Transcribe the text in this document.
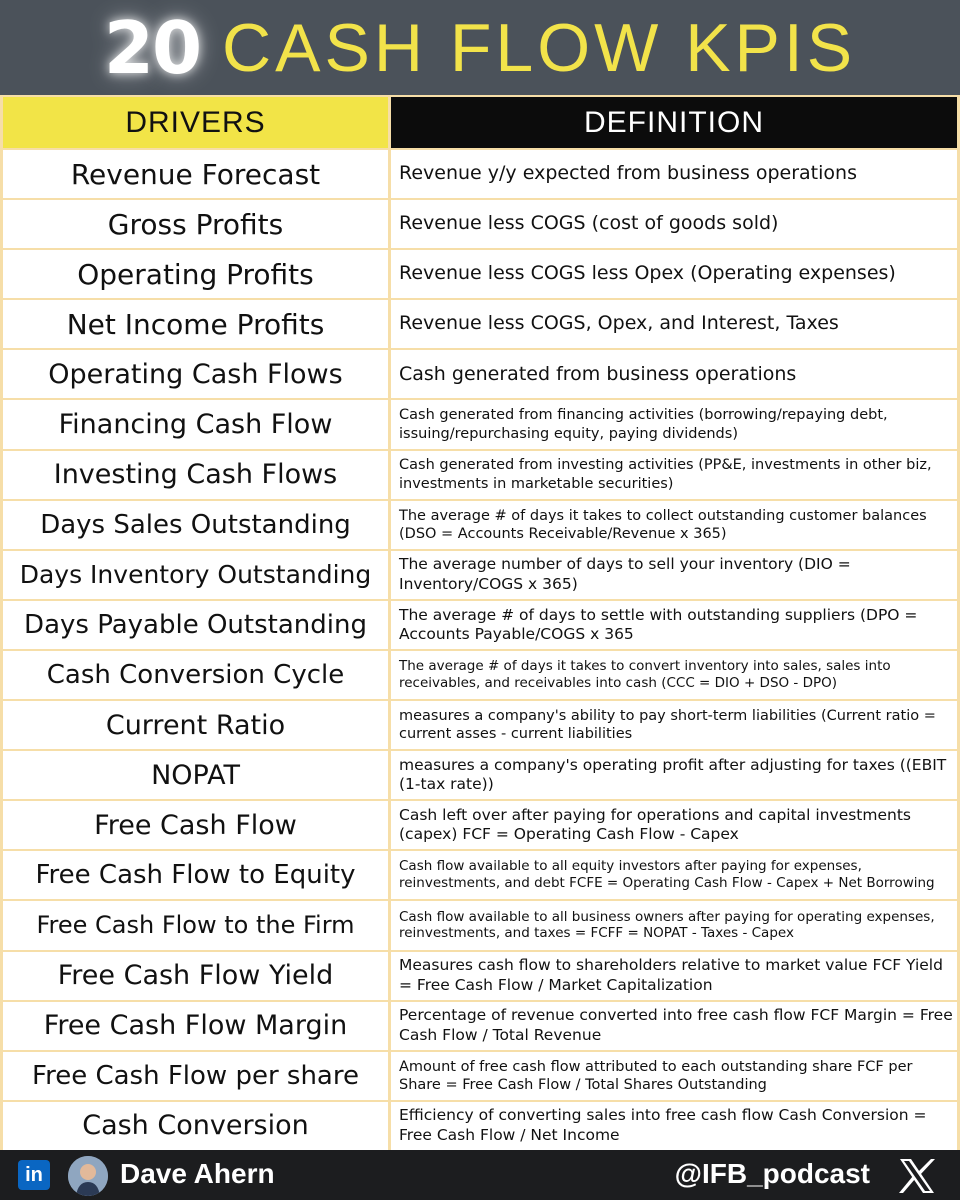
20 CASH FLOW KPIS
DRIVERS	DEFINITION
Revenue Forecast	Revenue y/y expected from business operations
Gross Profits	Revenue less COGS (cost of goods sold)
Operating Profits	Revenue less COGS less Opex (Operating expenses)
Net Income Profits	Revenue less COGS, Opex, and Interest, Taxes
Operating Cash Flows	Cash generated from business operations
Financing Cash Flow	Cash generated from financing activities (borrowing/repaying debt, issuing/repurchasing equity, paying dividends)
Investing Cash Flows	Cash generated from investing activities (PP&E, investments in other biz, investments in marketable securities)
Days Sales Outstanding	The average # of days it takes to collect outstanding customer balances (DSO = Accounts Receivable/Revenue x 365)
Days Inventory Outstanding	The average number of days to sell your inventory (DIO = Inventory/COGS x 365)
Days Payable Outstanding	The average # of days to settle with outstanding suppliers (DPO = Accounts Payable/COGS x 365
Cash Conversion Cycle	The average # of days it takes to convert inventory into sales, sales into receivables, and receivables into cash (CCC = DIO + DSO - DPO)
Current Ratio	measures a company's ability to pay short-term liabilities (Current ratio = current asses - current liabilities
NOPAT	measures a company's operating profit after adjusting for taxes ((EBIT (1-tax rate))
Free Cash Flow	Cash left over after paying for operations and capital investments (capex) FCF = Operating Cash Flow - Capex
Free Cash Flow to Equity	Cash flow available to all equity investors after paying for expenses, reinvestments, and debt FCFE = Operating Cash Flow - Capex + Net Borrowing
Free Cash Flow to the Firm	Cash flow available to all business owners after paying for operating expenses, reinvestments, and taxes = FCFF = NOPAT - Taxes - Capex
Free Cash Flow Yield	Measures cash flow to shareholders relative to market value FCF Yield = Free Cash Flow / Market Capitalization
Free Cash Flow Margin	Percentage of revenue converted into free cash flow FCF Margin = Free Cash Flow / Total Revenue
Free Cash Flow per share	Amount of free cash flow attributed to each outstanding share FCF per Share = Free Cash Flow / Total Shares Outstanding
Cash Conversion	Efficiency of converting sales into free cash flow Cash Conversion = Free Cash Flow / Net Income
in	Dave Ahern	@IFB_podcast
